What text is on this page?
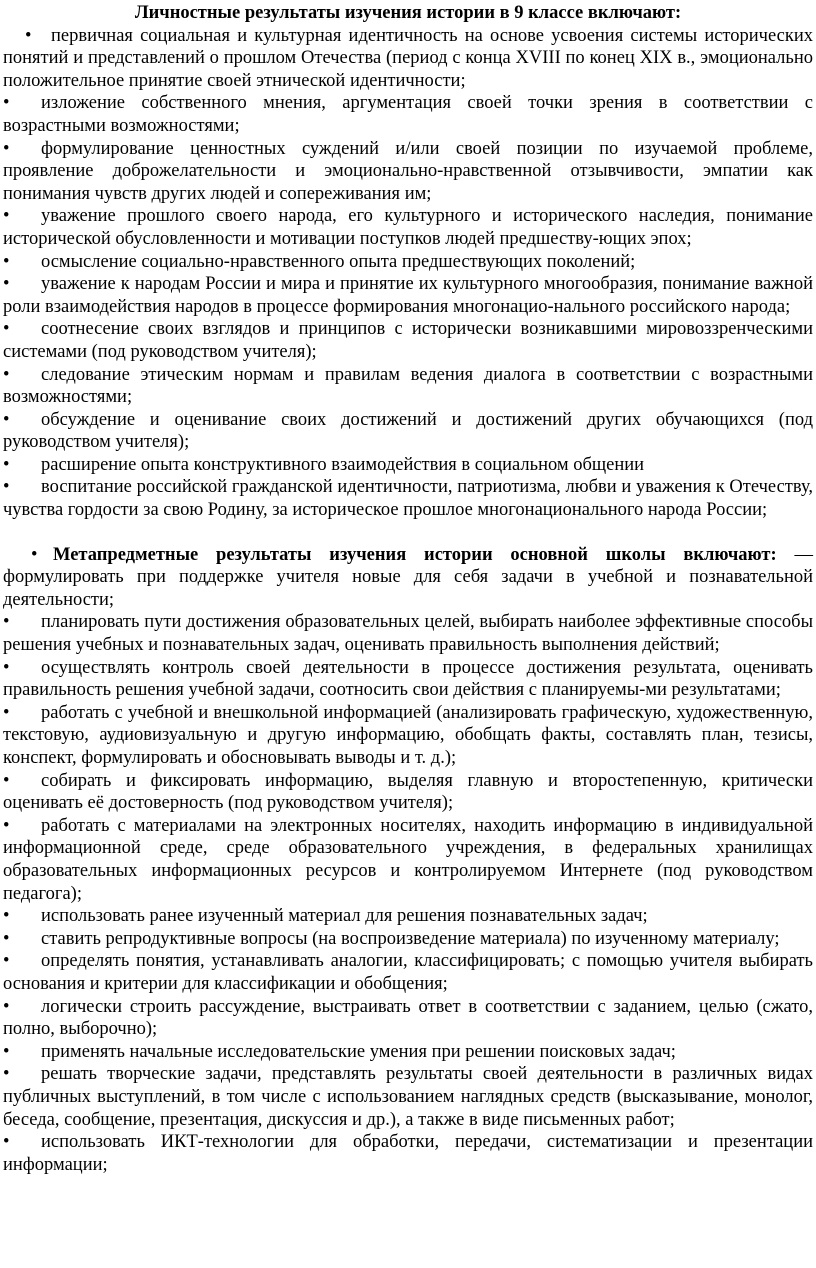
Личностные результаты изучения истории в 9 классе включают:

• первичная социальная и культурная идентичность на основе усвоения системы исторических понятий и представлений о прошлом Отечества (период с конца XVIII по конец XIX в., эмоционально положительное принятие своей этнической идентичности;

• изложение собственного мнения, аргументация своей точки зрения в соответствии с возрастными возможностями;

• формулирование ценностных суждений и/или своей позиции по изучаемой проблеме, проявление доброжелательности и эмоционально-нравственной отзывчивости, эмпатии как понимания чувств других людей и сопереживания им;

• уважение прошлого своего народа, его культурного и исторического наследия, понимание исторической обусловленности и мотивации поступков людей предшеству-ющих эпох;

• осмысление социально-нравственного опыта предшествующих поколений;

• уважение к народам России и мира и принятие их культурного многообразия, понимание важной роли взаимодействия народов в процессе формирования многонацио-нального российского народа;

• соотнесение своих взглядов и принципов с исторически возникавшими мировоззренческими системами (под руководством учителя);

• следование этическим нормам и правилам ведения диалога в соответствии с возрастными возможностями;

• обсуждение и оценивание своих достижений и достижений других обучающихся (под руководством учителя);

• расширение опыта конструктивного взаимодействия в социальном общении

• воспитание российской гражданской идентичности, патриотизма, любви и уважения к Отечеству, чувства гордости за свою Родину, за историческое прошлое многонационального народа России;

• Метапредметные результаты изучения истории основной школы включают: — формулировать при поддержке учителя новые для себя задачи в учебной и познавательной деятельности;

• планировать пути достижения образовательных целей, выбирать наиболее эффективные способы решения учебных и познавательных задач, оценивать правильность выполнения действий;

• осуществлять контроль своей деятельности в процессе достижения результата, оценивать правильность решения учебной задачи, соотносить свои действия с планируемы-ми результатами;

• работать с учебной и внешкольной информацией (анализировать графическую, художественную, текстовую, аудиовизуальную и другую информацию, обобщать факты, составлять план, тезисы, конспект, формулировать и обосновывать выводы и т. д.);

• собирать и фиксировать информацию, выделяя главную и второстепенную, критически оценивать её достоверность (под руководством учителя);

• работать с материалами на электронных носителях, находить информацию в индивидуальной информационной среде, среде образовательного учреждения, в федеральных хранилищах образовательных информационных ресурсов и контролируемом Интернете (под руководством педагога);

• использовать ранее изученный материал для решения познавательных задач;

• ставить репродуктивные вопросы (на воспроизведение материала) по изученному материалу;

• определять понятия, устанавливать аналогии, классифицировать; с помощью учителя выбирать основания и критерии для классификации и обобщения;

• логически строить рассуждение, выстраивать ответ в соответствии с заданием, целью (сжато, полно, выборочно);

• применять начальные исследовательские умения при решении поисковых задач;

• решать творческие задачи, представлять результаты своей деятельности в различных видах публичных выступлений, в том числе с использованием наглядных средств (высказывание, монолог, беседа, сообщение, презентация, дискуссия и др.), а также в виде письменных работ;

• использовать ИКТ-технологии для обработки, передачи, систематизации и презентации информации;
